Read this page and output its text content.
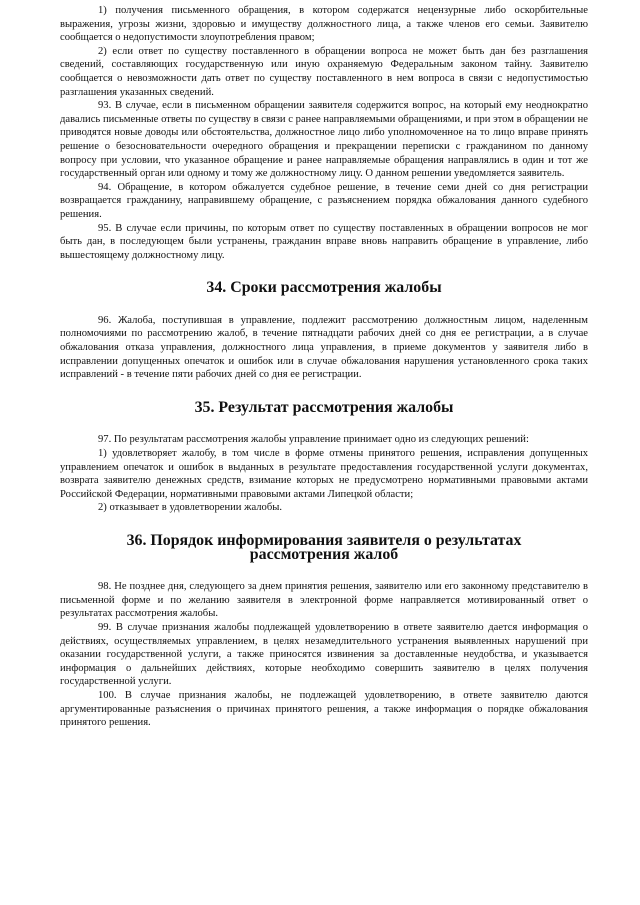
1) получения письменного обращения, в котором содержатся нецензурные либо оскорбительные выражения, угрозы жизни, здоровью и имуществу должностного лица, а также членов его семьи. Заявителю сообщается о недопустимости злоупотребления правом;

2) если ответ по существу поставленного в обращении вопроса не может быть дан без разглашения сведений, составляющих государственную или иную охраняемую Федеральным законом тайну. Заявителю сообщается о невозможности дать ответ по существу поставленного в нем вопроса в связи с недопустимостью разглашения указанных сведений.

93. В случае, если в письменном обращении заявителя содержится вопрос, на который ему неоднократно давались письменные ответы по существу в связи с ранее направляемыми обращениями, и при этом в обращении не приводятся новые доводы или обстоятельства, должностное лицо либо уполномоченное на то лицо вправе принять решение о безосновательности очередного обращения и прекращении переписки с гражданином по данному вопросу при условии, что указанное обращение и ранее направляемые обращения направлялись в один и тот же государственный орган или одному и тому же должностному лицу. О данном решении уведомляется заявитель.

94. Обращение, в котором обжалуется судебное решение, в течение семи дней со дня регистрации возвращается гражданину, направившему обращение, с разъяснением порядка обжалования данного судебного решения.

95. В случае если причины, по которым ответ по существу поставленных в обращении вопросов не мог быть дан, в последующем были устранены, гражданин вправе вновь направить обращение в управление, либо вышестоящему должностному лицу.

34. Сроки рассмотрения жалобы

96. Жалоба, поступившая в управление, подлежит рассмотрению должностным лицом, наделенным полномочиями по рассмотрению жалоб, в течение пятнадцати рабочих дней со дня ее регистрации, а в случае обжалования отказа управления, должностного лица управления, в приеме документов у заявителя либо в исправлении допущенных опечаток и ошибок или в случае обжалования нарушения установленного срока таких исправлений - в течение пяти рабочих дней со дня ее регистрации.

35. Результат рассмотрения жалобы

97. По результатам рассмотрения жалобы управление принимает одно из следующих решений:

1) удовлетворяет жалобу, в том числе в форме отмены принятого решения, исправления допущенных управлением опечаток и ошибок в выданных в результате предоставления государственной услуги документах, возврата заявителю денежных средств, взимание которых не предусмотрено нормативными правовыми актами Российской Федерации, нормативными правовыми актами Липецкой области;

2) отказывает в удовлетворении жалобы.

36. Порядок информирования заявителя о результатах
рассмотрения жалоб

98. Не позднее дня, следующего за днем принятия решения, заявителю или его законному представителю в письменной форме и по желанию заявителя в электронной форме направляется мотивированный ответ о результатах рассмотрения жалобы.

99. В случае признания жалобы подлежащей удовлетворению в ответе заявителю дается информация о действиях, осуществляемых управлением, в целях незамедлительного устранения выявленных нарушений при оказании государственной услуги, а также приносятся извинения за доставленные неудобства, и указывается информация о дальнейших действиях, которые необходимо совершить заявителю в целях получения государственной услуги.

100. В случае признания жалобы, не подлежащей удовлетворению, в ответе заявителю даются аргументированные разъяснения о причинах принятого решения, а также информация о порядке обжалования принятого решения.
